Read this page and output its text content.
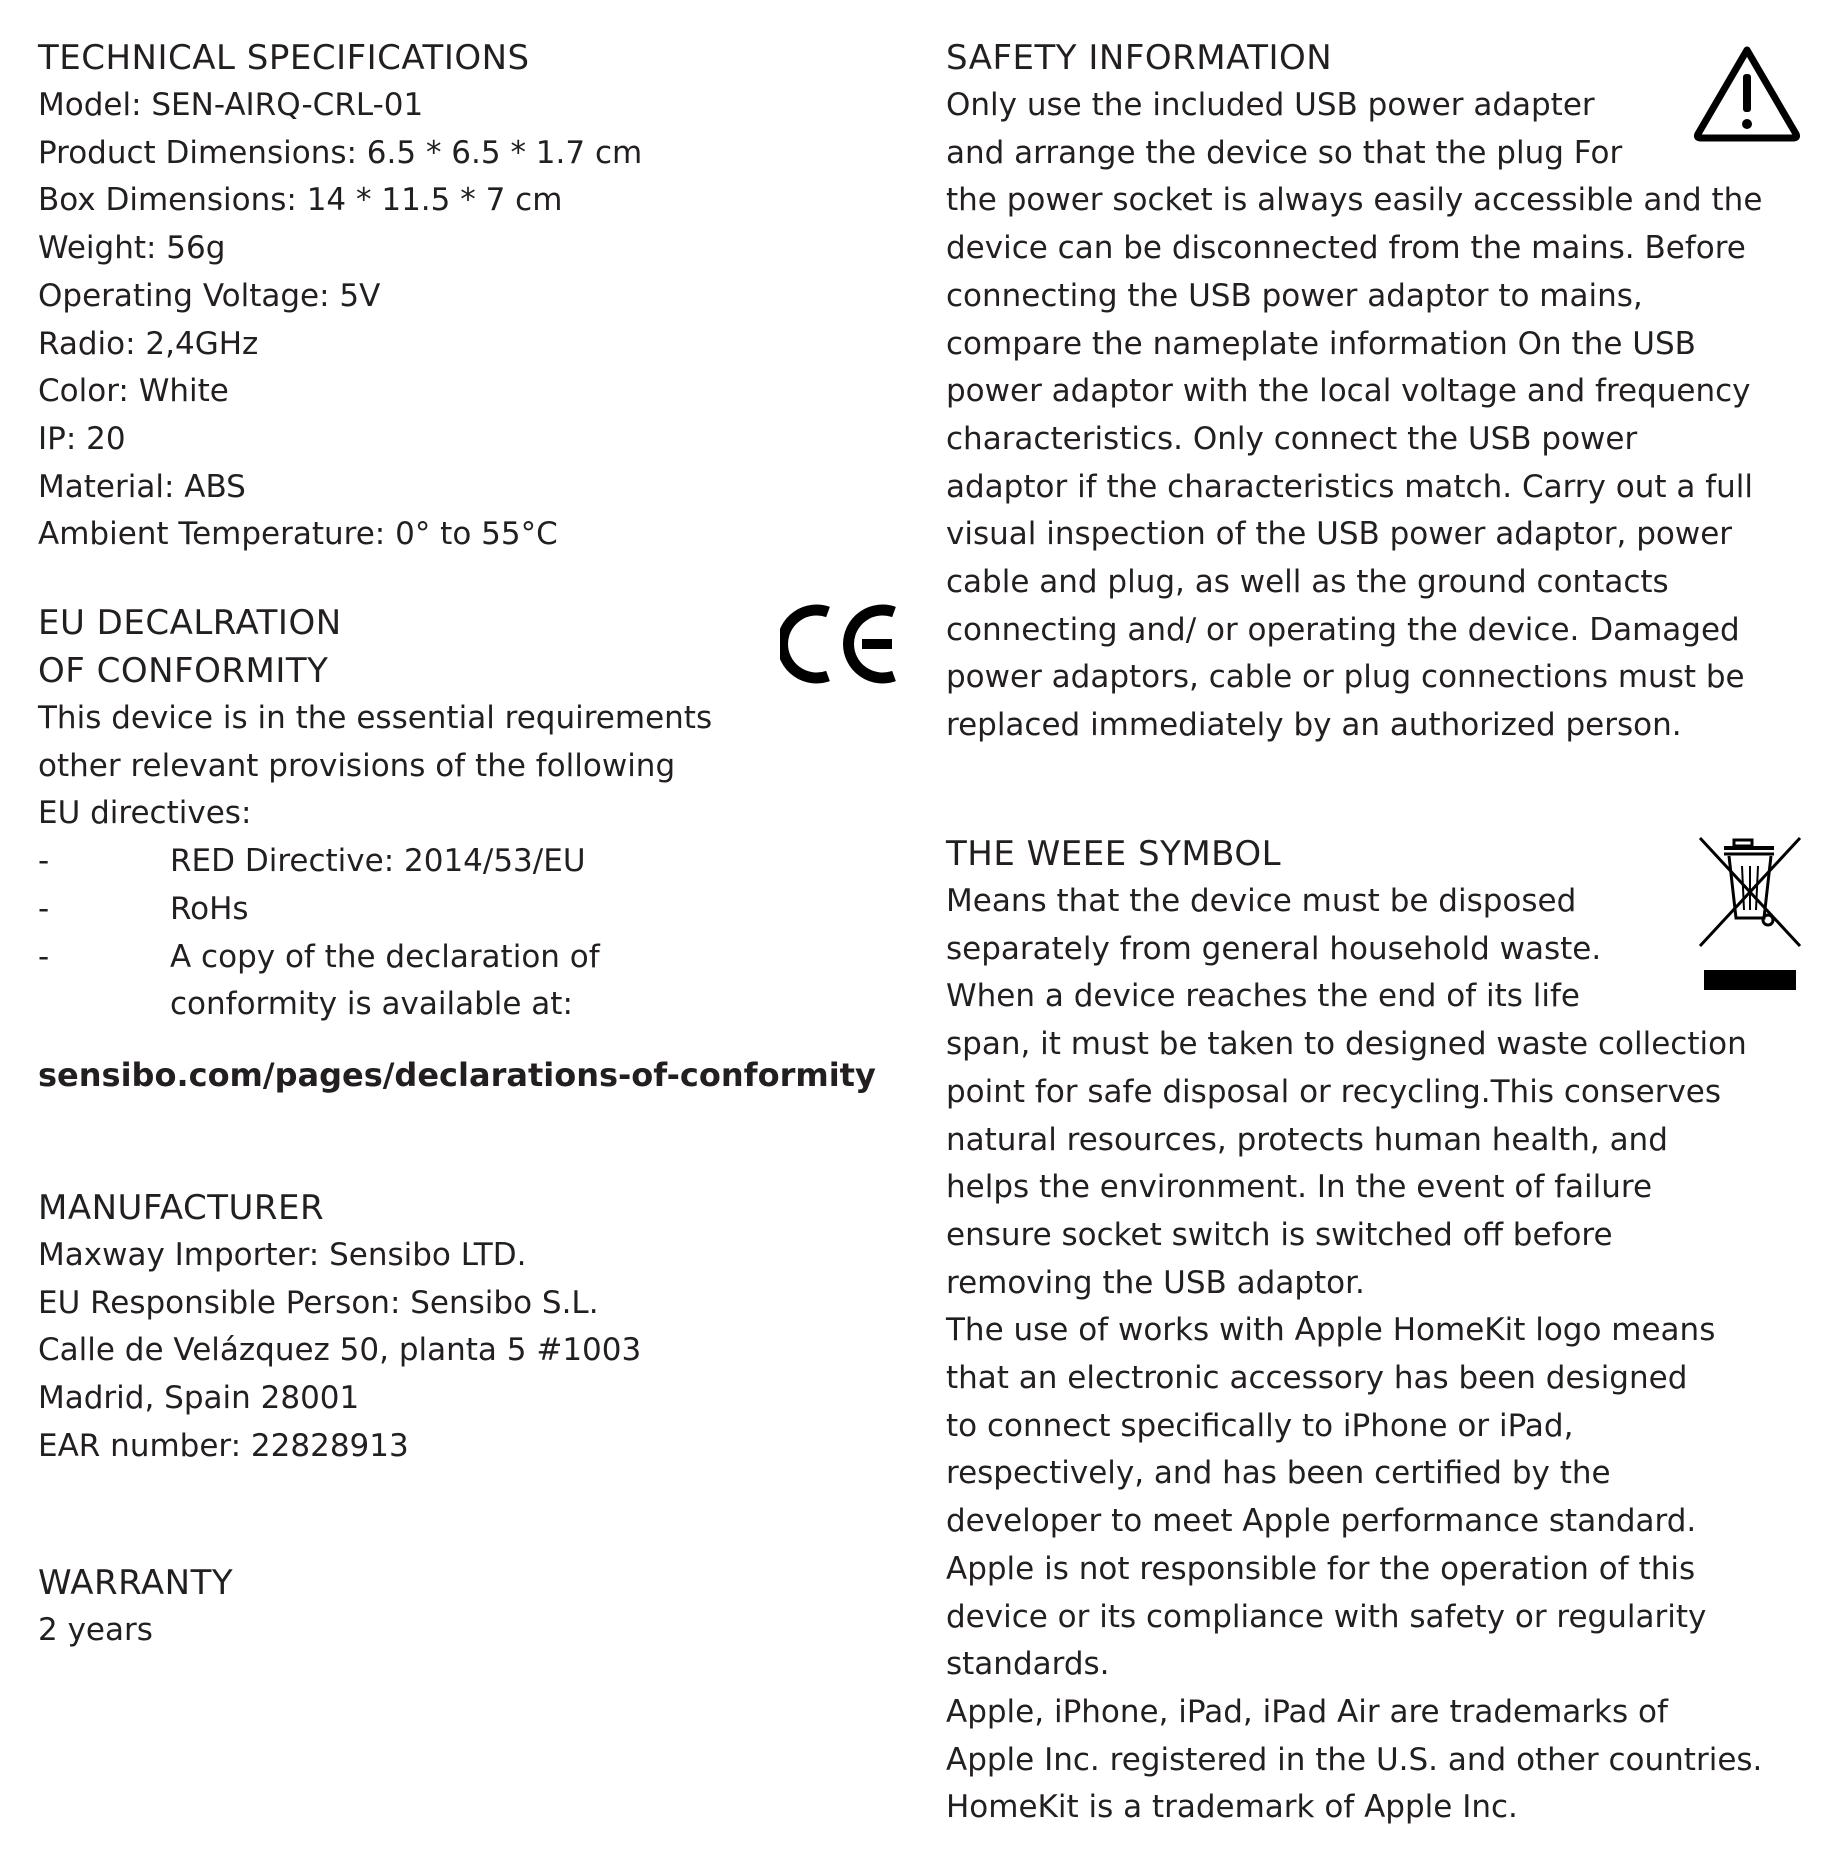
TECHNICAL SPECIFICATIONS

Model: SEN-AIRQ-CRL-01

Product Dimensions: 6.5 * 6.5 * 1.7 cm

Box Dimensions: 14 * 11.5 * 7 cm

Weight: 56g

Operating Voltage: 5V

Radio: 2,4GHz

Color: White

IP: 20

Material: ABS

Ambient Temperature: 0° to 55°C

EU DECALRATION
OF CONFORMITY

This device is in the essential requirements

other relevant provisions of the following

EU directives:

-	RED Directive: 2014/53/EU
-	RoHs
-	A copy of the declaration of
conformity is available at:

sensibo.com/pages/declarations-of-conformity

MANUFACTURER

Maxway Importer: Sensibo LTD.

EU Responsible Person: Sensibo S.L.

Calle de Velázquez 50, planta 5 #1003

Madrid, Spain 28001

EAR number: 22828913

WARRANTY

2 years

SAFETY INFORMATION

Only use the included USB power adapter

and arrange the device so that the plug For

the power socket is always easily accessible and the

device can be disconnected from the mains. Before

connecting the USB power adaptor to mains,

compare the nameplate information On the USB

power adaptor with the local voltage and frequency

characteristics. Only connect the USB power

adaptor if the characteristics match. Carry out a full

visual inspection of the USB power adaptor, power

cable and plug, as well as the ground contacts

connecting and/ or operating the device. Damaged

power adaptors, cable or plug connections must be

replaced immediately by an authorized person.

THE WEEE SYMBOL

Means that the device must be disposed

separately from general household waste.

When a device reaches the end of its life

span, it must be taken to designed waste collection

point for safe disposal or recycling.This conserves

natural resources, protects human health, and

helps the environment. In the event of failure

ensure socket switch is switched off before

removing the USB adaptor.

The use of works with Apple HomeKit logo means

that an electronic accessory has been designed

to connect specifically to iPhone or iPad,

respectively, and has been certified by the

developer to meet Apple performance standard.

Apple is not responsible for the operation of this

device or its compliance with safety or regularity

standards.

Apple, iPhone, iPad, iPad Air are trademarks of

Apple Inc. registered in the U.S. and other countries.

HomeKit is a trademark of Apple Inc.
